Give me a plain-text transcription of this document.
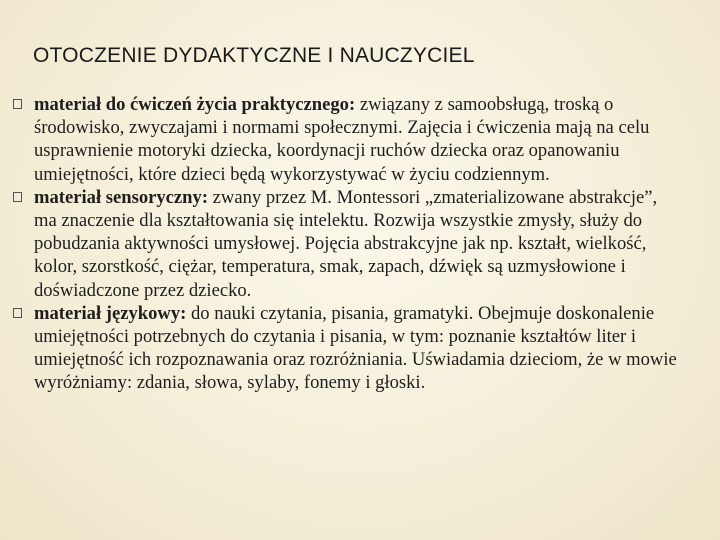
OTOCZENIE DYDAKTYCZNE I NAUCZYCIEL

materiał do ćwiczeń życia praktycznego: związany z samoobsługą, troską o środowisko, zwyczajami i normami społecznymi. Zajęcia i ćwiczenia mają na celu usprawnienie motoryki dziecka, koordynacji ruchów dziecka oraz opanowaniu umiejętności, które dzieci będą wykorzystywać w życiu codziennym.

materiał sensoryczny: zwany przez M. Montessori „zmaterializowane abstrakcje”, ma znaczenie dla kształtowania się intelektu. Rozwija wszystkie zmysły, służy do pobudzania aktywności umysłowej. Pojęcia abstrakcyjne jak np. kształt, wielkość, kolor, szorstkość, ciężar, temperatura, smak, zapach, dźwięk są uzmysłowione i doświadczone przez dziecko.

materiał językowy: do nauki czytania, pisania, gramatyki. Obejmuje doskonalenie umiejętności potrzebnych do czytania i pisania, w tym: poznanie kształtów liter i umiejętność ich rozpoznawania oraz rozróżniania. Uświadamia dzieciom, że w mowie wyróżniamy: zdania, słowa, sylaby, fonemy i głoski.
